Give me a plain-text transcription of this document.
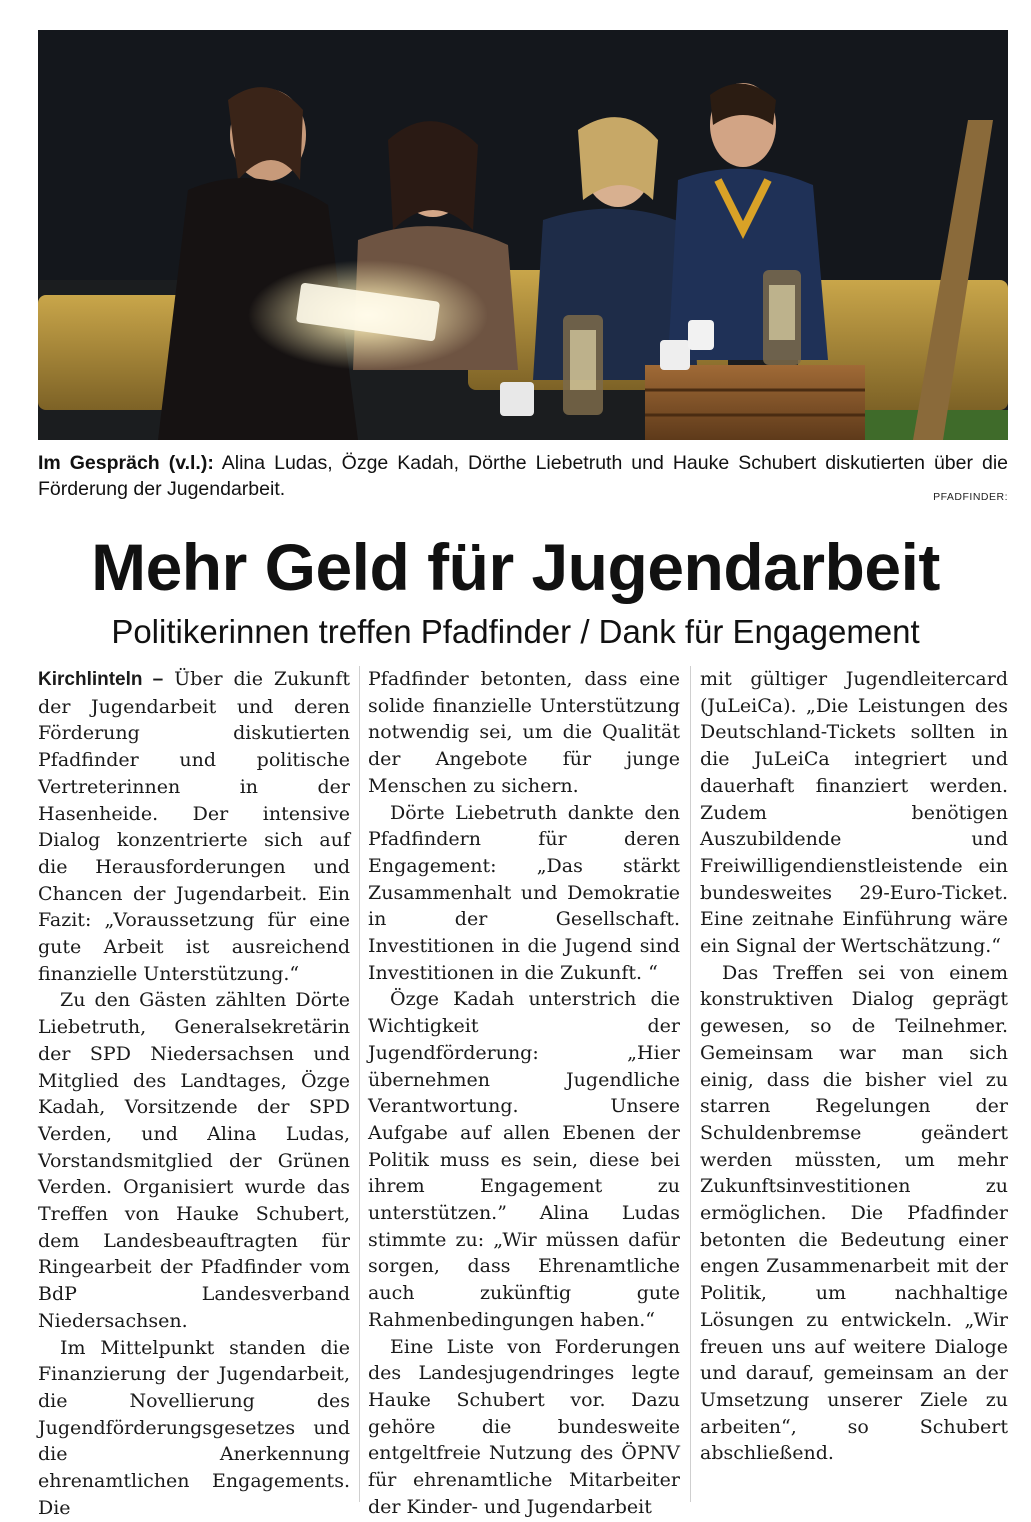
Im Gespräch (v.l.): Alina Ludas, Özge Kadah, Dörthe Liebetruth und Hauke Schubert diskutierten über die Förderung der Jugendarbeit.	PFADFINDER:
Mehr Geld für Jugendarbeit
Politikerinnen treffen Pfadfinder / Dank für Engagement

Kirchlinteln – Über die Zukunft der Jugendarbeit und deren Förderung diskutierten Pfadfinder und politische Vertreterinnen in der Hasenheide. Der intensive Dialog konzentrierte sich auf die Herausforderungen und Chancen der Jugendarbeit. Ein Fazit: „Voraussetzung für eine gute Arbeit ist ausreichend finanzielle Unterstützung.“

Zu den Gästen zählten Dörte Liebetruth, Generalsekretärin der SPD Niedersachsen und Mitglied des Landtages, Özge Kadah, Vorsitzende der SPD Verden, und Alina Ludas, Vorstandsmitglied der Grünen Verden. Organisiert wurde das Treffen von Hauke Schubert, dem Landesbeauftragten für Ringearbeit der Pfadfinder vom BdP Landesverband Niedersachsen.

Im Mittelpunkt standen die Finanzierung der Jugendarbeit, die Novellierung des Jugendförderungsgesetzes und die Anerkennung ehrenamtlichen Engagements. Die

Pfadfinder betonten, dass eine solide finanzielle Unterstützung notwendig sei, um die Qualität der Angebote für junge Menschen zu sichern.

Dörte Liebetruth dankte den Pfadfindern für deren Engagement: „Das stärkt Zusammenhalt und Demokratie in der Gesellschaft. Investitionen in die Jugend sind Investitionen in die Zukunft. “

Özge Kadah unterstrich die Wichtigkeit der Jugendförderung: „Hier übernehmen Jugendliche Verantwortung. Unsere Aufgabe auf allen Ebenen der Politik muss es sein, diese bei ihrem Engagement zu unterstützen.” Alina Ludas stimmte zu: „Wir müssen dafür sorgen, dass Ehrenamtliche auch zukünftig gute Rahmenbedingungen haben.“

Eine Liste von Forderungen des Landesjugendringes legte Hauke Schubert vor. Dazu gehöre die bundesweite entgeltfreie Nutzung des ÖPNV für ehrenamtliche Mitarbeiter der Kinder- und Jugendarbeit

mit gültiger Jugendleitercard (JuLeiCa). „Die Leistungen des Deutschland-Tickets sollten in die JuLeiCa integriert und dauerhaft finanziert werden. Zudem benötigen Auszubildende und Freiwilligendienstleistende ein bundesweites 29-Euro-Ticket. Eine zeitnahe Einführung wäre ein Signal der Wertschätzung.“

Das Treffen sei von einem konstruktiven Dialog geprägt gewesen, so de Teilnehmer. Gemeinsam war man sich einig, dass die bisher viel zu starren Regelungen der Schuldenbremse geändert werden müssten, um mehr Zukunftsinvestitionen zu ermöglichen. Die Pfadfinder betonten die Bedeutung einer engen Zusammenarbeit mit der Politik, um nachhaltige Lösungen zu entwickeln. „Wir freuen uns auf weitere Dialoge und darauf, gemeinsam an der Umsetzung unserer Ziele zu arbeiten“, so Schubert abschließend.
